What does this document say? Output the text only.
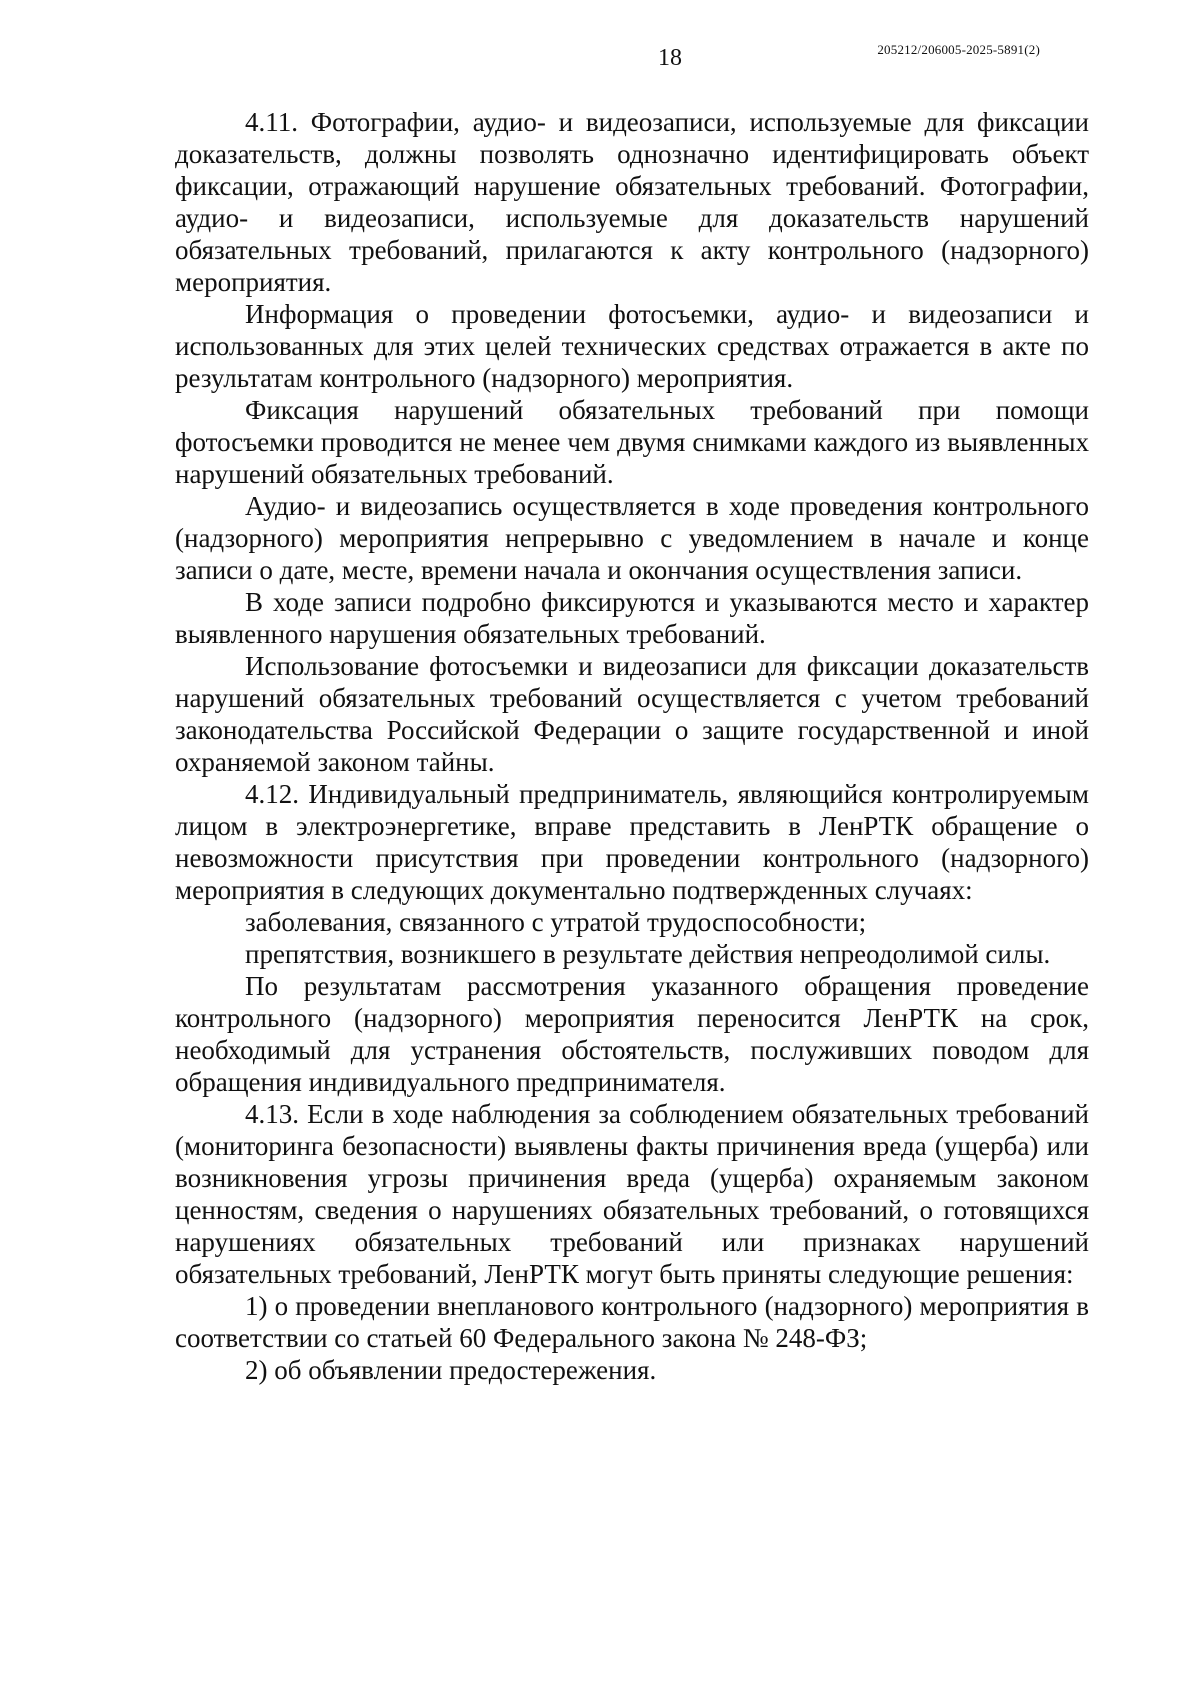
18	205212/206005-2025-5891(2)

4.11. Фотографии, аудио- и видеозаписи, используемые для фиксации доказательств, должны позволять однозначно идентифицировать объект фиксации, отражающий нарушение обязательных требований. Фотографии, аудио- и видеозаписи, используемые для доказательств нарушений обязательных требований, прилагаются к акту контрольного (надзорного) мероприятия.

Информация о проведении фотосъемки, аудио- и видеозаписи и использованных для этих целей технических средствах отражается в акте по результатам контрольного (надзорного) мероприятия.

Фиксация нарушений обязательных требований при помощи фотосъемки проводится не менее чем двумя снимками каждого из выявленных нарушений обязательных требований.

Аудио- и видеозапись осуществляется в ходе проведения контрольного (надзорного) мероприятия непрерывно с уведомлением в начале и конце записи о дате, месте, времени начала и окончания осуществления записи.

В ходе записи подробно фиксируются и указываются место и характер выявленного нарушения обязательных требований.

Использование фотосъемки и видеозаписи для фиксации доказательств нарушений обязательных требований осуществляется с учетом требований законодательства Российской Федерации о защите государственной и иной охраняемой законом тайны.

4.12. Индивидуальный предприниматель, являющийся контролируемым лицом в электроэнергетике, вправе представить в ЛенРТК обращение о невозможности присутствия при проведении контрольного (надзорного) мероприятия в следующих документально подтвержденных случаях:

заболевания, связанного с утратой трудоспособности;

препятствия, возникшего в результате действия непреодолимой силы.

По результатам рассмотрения указанного обращения проведение контрольного (надзорного) мероприятия переносится ЛенРТК на срок, необходимый для устранения обстоятельств, послуживших поводом для обращения индивидуального предпринимателя.

4.13. Если в ходе наблюдения за соблюдением обязательных требований (мониторинга безопасности) выявлены факты причинения вреда (ущерба) или возникновения угрозы причинения вреда (ущерба) охраняемым законом ценностям, сведения о нарушениях обязательных требований, о готовящихся нарушениях обязательных требований или признаках нарушений обязательных требований, ЛенРТК могут быть приняты следующие решения:

1) о проведении внепланового контрольного (надзорного) мероприятия в соответствии со статьей 60 Федерального закона № 248-ФЗ;

2) об объявлении предостережения.
